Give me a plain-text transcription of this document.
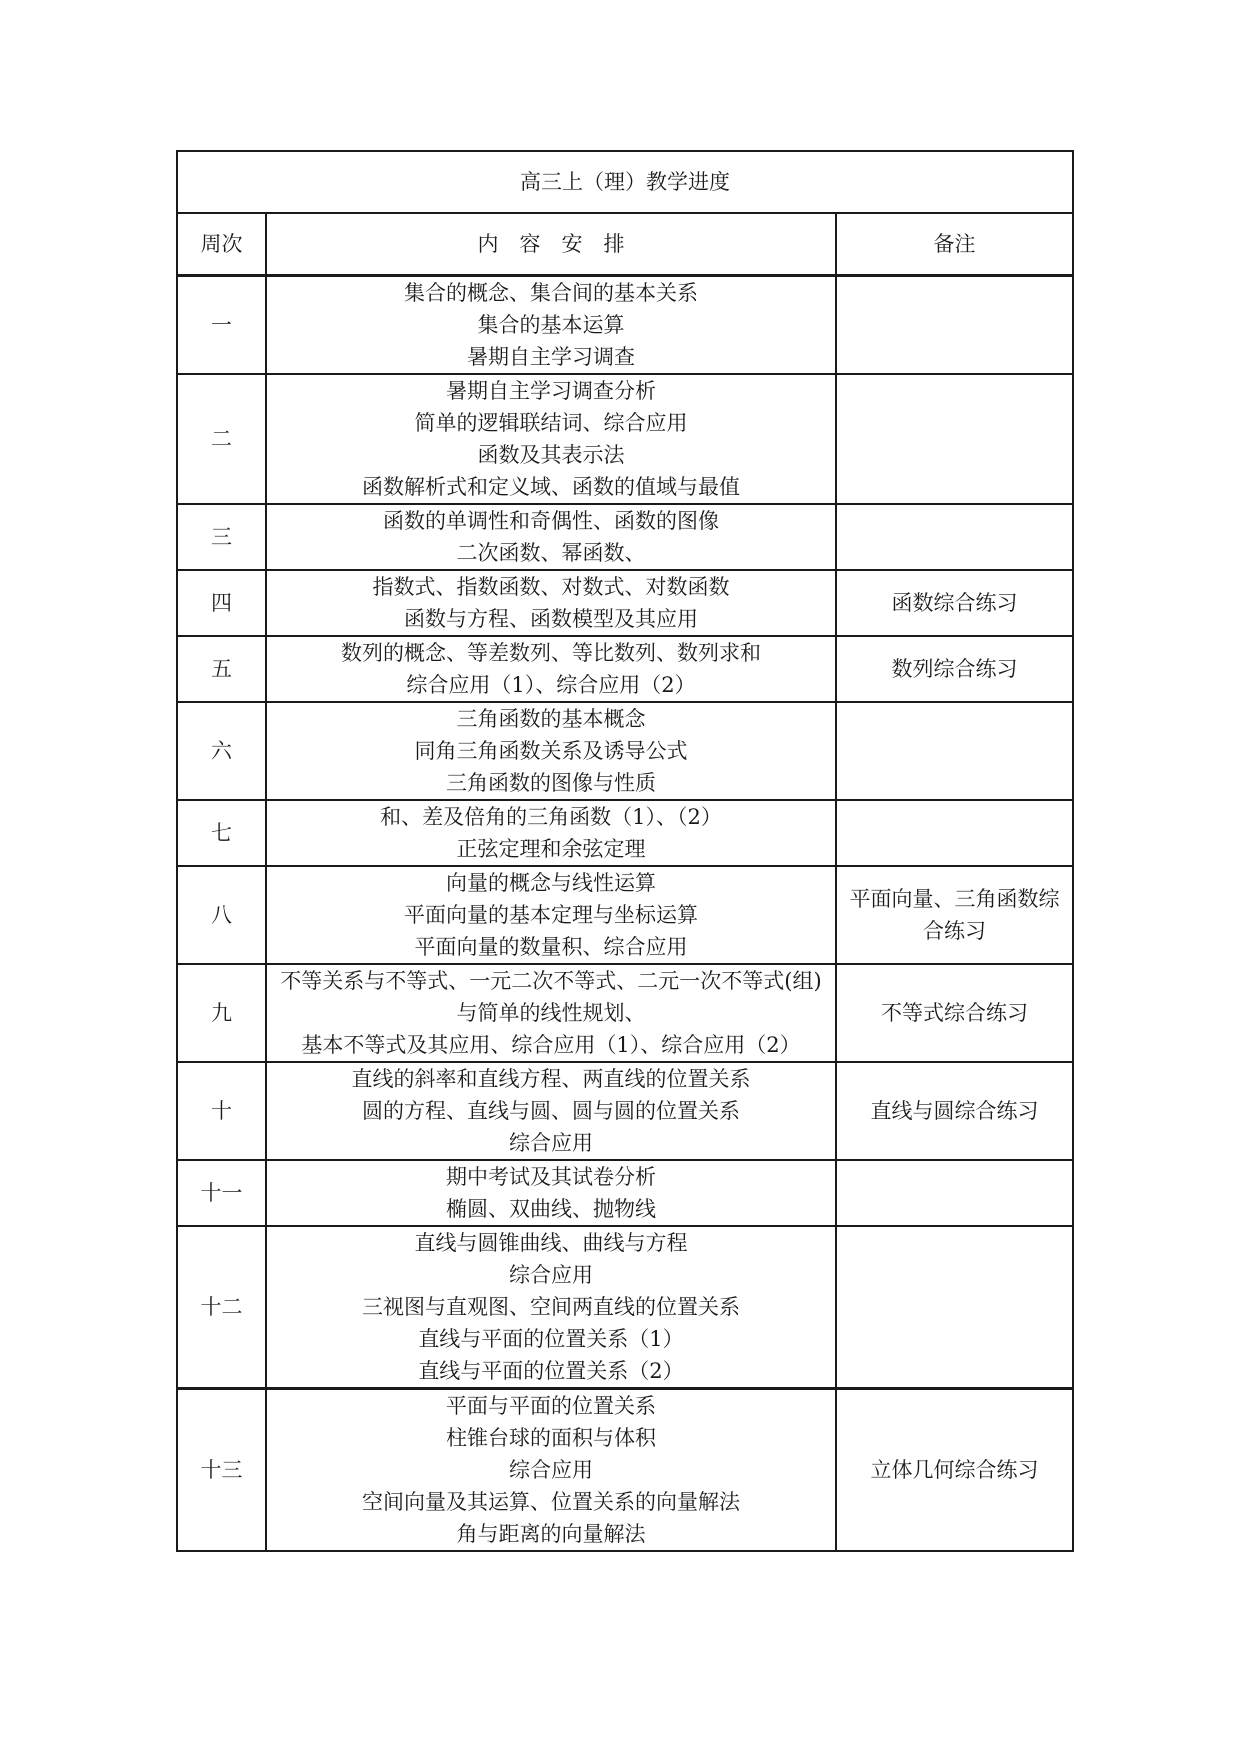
高三上（理）教学进度		
周次	内　容　安　排	备注
一	集合的概念、集合间的基本关系
集合的基本运算
暑期自主学习调查	

二	暑期自主学习调查分析
简单的逻辑联结词、综合应用
函数及其表示法
函数解析式和定义域、函数的值域与最值	

三	函数的单调性和奇偶性、函数的图像
二次函数、幂函数、	

四	指数式、指数函数、对数式、对数函数
函数与方程、函数模型及其应用	函数综合练习
五	数列的概念、等差数列、等比数列、数列求和
综合应用（1）、综合应用（2）	数列综合练习
六	三角函数的基本概念
同角三角函数关系及诱导公式
三角函数的图像与性质	

七	和、差及倍角的三角函数（1）、（2）
正弦定理和余弦定理	

八	向量的概念与线性运算
平面向量的基本定理与坐标运算
平面向量的数量积、综合应用	平面向量、三角函数综合练习
九	不等关系与不等式、一元二次不等式、二元一次不等式(组)
与简单的线性规划、
基本不等式及其应用、综合应用（1）、综合应用（2）	不等式综合练习
十	直线的斜率和直线方程、两直线的位置关系
圆的方程、直线与圆、圆与圆的位置关系
综合应用	直线与圆综合练习
十一	期中考试及其试卷分析
椭圆、双曲线、抛物线	

十二	直线与圆锥曲线、曲线与方程
综合应用
三视图与直观图、空间两直线的位置关系
直线与平面的位置关系（1）
直线与平面的位置关系（2）	

十三	平面与平面的位置关系
柱锥台球的面积与体积
综合应用
空间向量及其运算、位置关系的向量解法
角与距离的向量解法	立体几何综合练习
